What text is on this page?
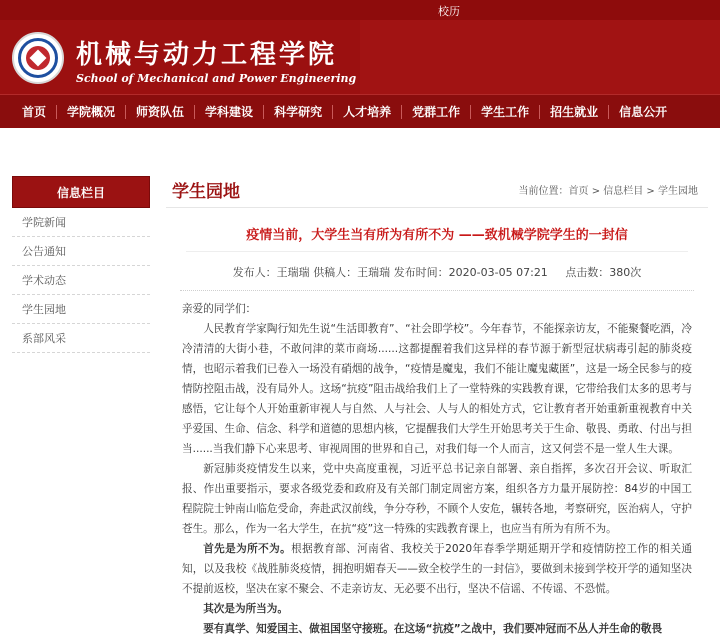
校历
机械与动力工程学院
School of Mechanical and Power Engineering
首页 学院概况 师资队伍 学科建设 科学研究 人才培养 党群工作 学生工作 招生就业 信息公开
信息栏目
学院新闻
公告通知
学术动态
学生园地
系部风采
学生园地	当前位置：首页 > 信息栏目 > 学生园地
疫情当前，大学生当有所为有所不为 ——致机械学院学生的一封信
发布人：王瑞瑞 供稿人：王瑞瑞 发布时间：2020-03-05 07:21 点击数：380次

亲爱的同学们：

人民教育学家陶行知先生说“生活即教育”、“社会即学校”。今年春节，不能探亲访友，不能聚餐吃酒，冷冷清清的大街小巷，不敢问津的菜市商场......这都提醒着我们这异样的春节源于新型冠状病毒引起的肺炎疫情，也昭示着我们已卷入一场没有硝烟的战争，“疫情是魔鬼，我们不能让魔鬼藏匿”，这是一场全民参与的疫情防控阻击战，没有局外人。这场“抗疫”阻击战给我们上了一堂特殊的实践教育课，它带给我们太多的思考与感悟，它让每个人开始重新审视人与自然、人与社会、人与人的相处方式，它让教育者开始重新重视教育中关乎爱国、生命、信念、科学和道德的思想内核，它提醒我们大学生开始思考关于生命、敬畏、勇敢、付出与担当......当我们静下心来思考、审视周围的世界和自己，对我们每一个人而言，这又何尝不是一堂人生大课。

新冠肺炎疫情发生以来，党中央高度重视，习近平总书记亲自部署、亲自指挥，多次召开会议、听取汇报、作出重要指示，要求各级党委和政府及有关部门制定周密方案，组织各方力量开展防控：84岁的中国工程院院士钟南山临危受命，奔赴武汉前线，争分夺秒，不顾个人安危，辗转各地，考察研究，医治病人，守护苍生。那么，作为一名大学生，在抗“疫”这一特殊的实践教育课上，也应当有所为有所不为。

首先是为所不为。根据教育部、河南省、我校关于2020年春季学期延期开学和疫情防控工作的相关通知，以及我校《战胜肺炎疫情，拥抱明媚春天——致全校学生的一封信》，要做到未接到学校开学的通知坚决不提前返校，坚决在家不聚会、不走亲访友、无必要不出行，坚决不信谣、不传谣、不恐慌。

其次是为所当为。

要有真学、知爱国主、做祖国坚守接班。在这场“抗疫”之战中，我们要冲冠而不丛人并生命的敬畏
